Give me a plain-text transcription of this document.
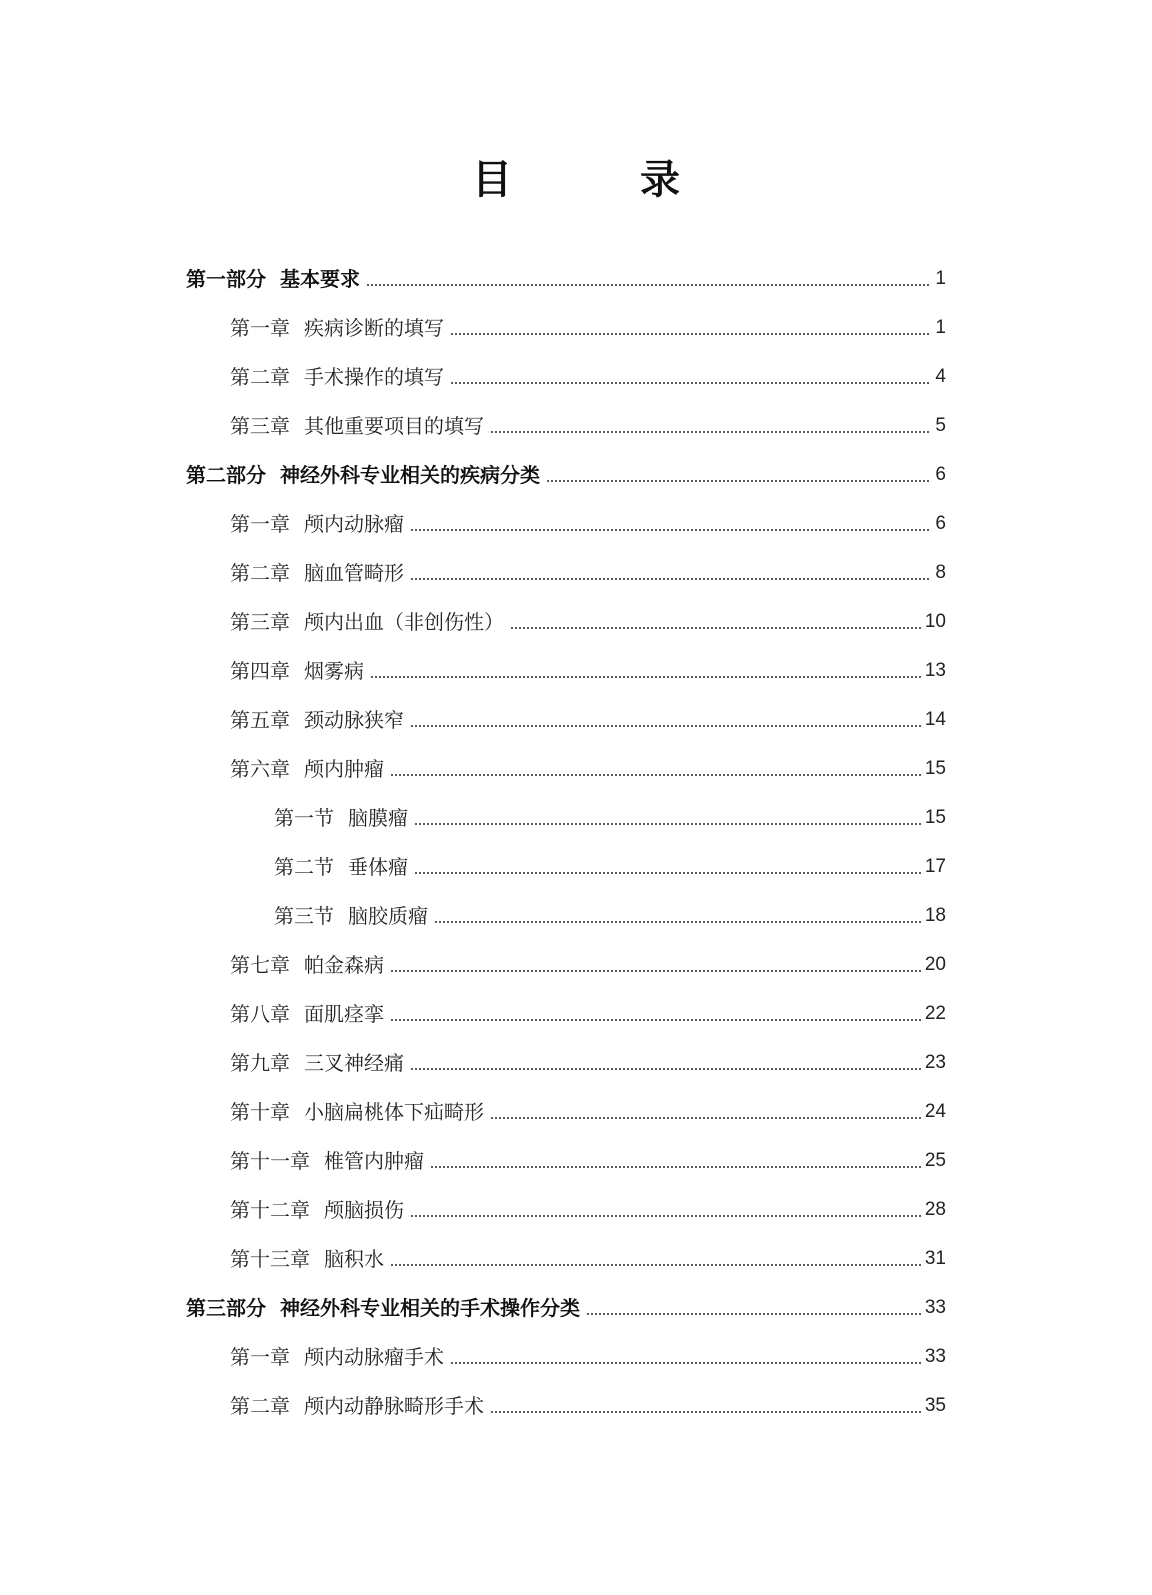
目　录
第一部分 基本要求	1
第一章 疾病诊断的填写	1
第二章 手术操作的填写	4
第三章 其他重要项目的填写	5
第二部分 神经外科专业相关的疾病分类	6
第一章 颅内动脉瘤	6
第二章 脑血管畸形	8
第三章 颅内出血（非创伤性）	10
第四章 烟雾病	13
第五章 颈动脉狭窄	14
第六章 颅内肿瘤	15
第一节 脑膜瘤	15
第二节 垂体瘤	17
第三节 脑胶质瘤	18
第七章 帕金森病	20
第八章 面肌痉挛	22
第九章 三叉神经痛	23
第十章 小脑扁桃体下疝畸形	24
第十一章 椎管内肿瘤	25
第十二章 颅脑损伤	28
第十三章 脑积水	31
第三部分 神经外科专业相关的手术操作分类	33
第一章 颅内动脉瘤手术	33
第二章 颅内动静脉畸形手术	35
